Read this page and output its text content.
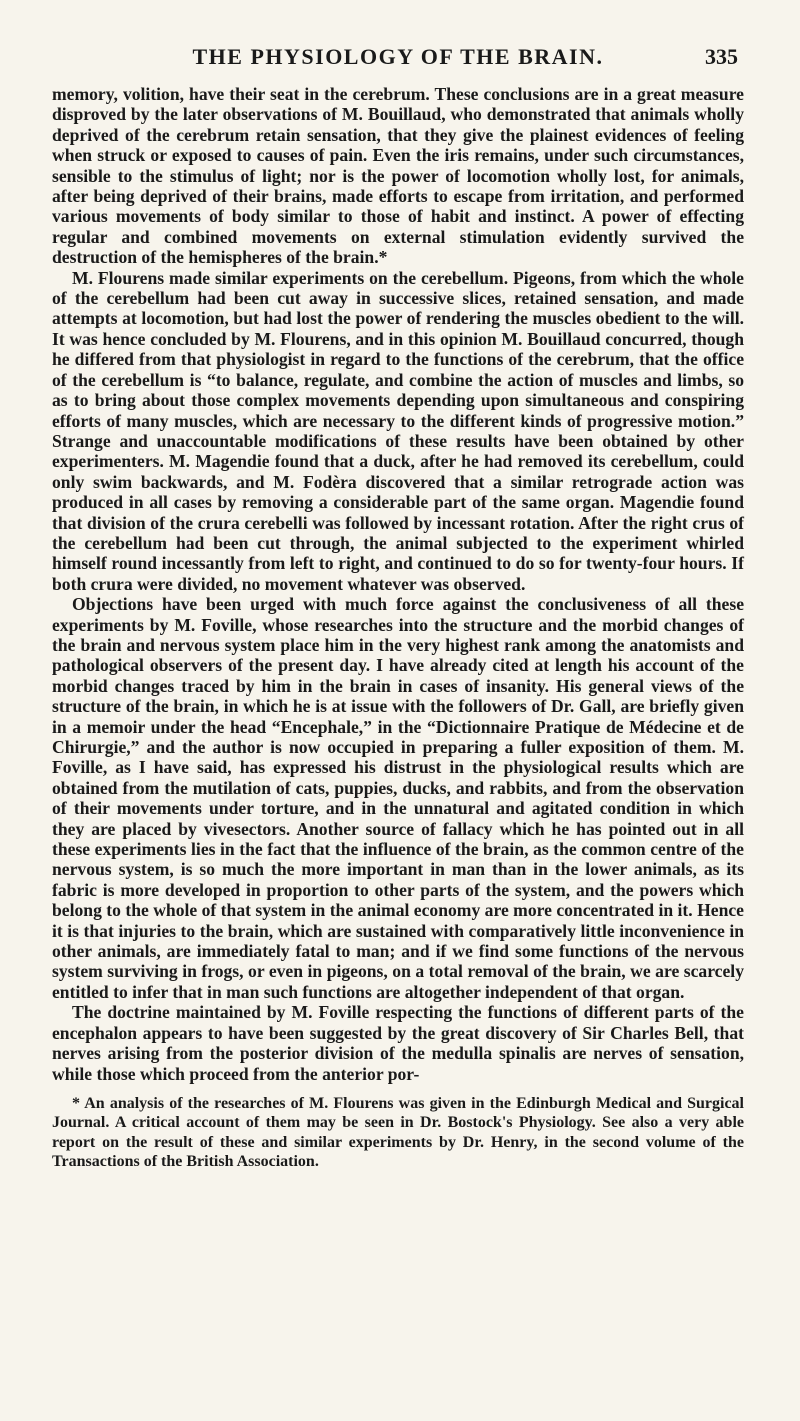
THE PHYSIOLOGY OF THE BRAIN.	335

memory, volition, have their seat in the cerebrum. These conclusions are in a great measure disproved by the later observations of M. Bouillaud, who demonstrated that animals wholly deprived of the cerebrum retain sensation, that they give the plainest evidences of feeling when struck or exposed to causes of pain. Even the iris remains, under such circumstances, sensible to the stimulus of light; nor is the power of locomotion wholly lost, for animals, after being deprived of their brains, made efforts to escape from irritation, and performed various movements of body similar to those of habit and instinct. A power of effecting regular and combined movements on external stimulation evidently survived the destruction of the hemispheres of the brain.*

M. Flourens made similar experiments on the cerebellum. Pigeons, from which the whole of the cerebellum had been cut away in successive slices, retained sensation, and made attempts at locomotion, but had lost the power of rendering the muscles obedient to the will. It was hence concluded by M. Flourens, and in this opinion M. Bouillaud concurred, though he differed from that physiologist in regard to the functions of the cerebrum, that the office of the cerebellum is “to balance, regulate, and combine the action of muscles and limbs, so as to bring about those complex movements depending upon simultaneous and conspiring efforts of many muscles, which are necessary to the different kinds of progressive motion.” Strange and unaccountable modifications of these results have been obtained by other experimenters. M. Magendie found that a duck, after he had removed its cerebellum, could only swim backwards, and M. Fodèra discovered that a similar retrograde action was produced in all cases by removing a considerable part of the same organ. Magendie found that division of the crura cerebelli was followed by incessant rotation. After the right crus of the cerebellum had been cut through, the animal subjected to the experiment whirled himself round incessantly from left to right, and continued to do so for twenty-four hours. If both crura were divided, no movement whatever was observed.

Objections have been urged with much force against the conclusiveness of all these experiments by M. Foville, whose researches into the structure and the morbid changes of the brain and nervous system place him in the very highest rank among the anatomists and pathological observers of the present day. I have already cited at length his account of the morbid changes traced by him in the brain in cases of insanity. His general views of the structure of the brain, in which he is at issue with the followers of Dr. Gall, are briefly given in a memoir under the head “Encephale,” in the “Dictionnaire Pratique de Médecine et de Chirurgie,” and the author is now occupied in preparing a fuller exposition of them. M. Foville, as I have said, has expressed his distrust in the physiological results which are obtained from the mutilation of cats, puppies, ducks, and rabbits, and from the observation of their movements under torture, and in the unnatural and agitated condition in which they are placed by vivesectors. Another source of fallacy which he has pointed out in all these experiments lies in the fact that the influence of the brain, as the common centre of the nervous system, is so much the more important in man than in the lower animals, as its fabric is more developed in proportion to other parts of the system, and the powers which belong to the whole of that system in the animal economy are more concentrated in it. Hence it is that injuries to the brain, which are sustained with comparatively little inconvenience in other animals, are immediately fatal to man; and if we find some functions of the nervous system surviving in frogs, or even in pigeons, on a total removal of the brain, we are scarcely entitled to infer that in man such functions are altogether independent of that organ.

The doctrine maintained by M. Foville respecting the functions of different parts of the encephalon appears to have been suggested by the great discovery of Sir Charles Bell, that nerves arising from the posterior division of the medulla spinalis are nerves of sensation, while those which proceed from the anterior por-

* An analysis of the researches of M. Flourens was given in the Edinburgh Medical and Surgical Journal. A critical account of them may be seen in Dr. Bostock's Physiology. See also a very able report on the result of these and similar experiments by Dr. Henry, in the second volume of the Transactions of the British Association.
